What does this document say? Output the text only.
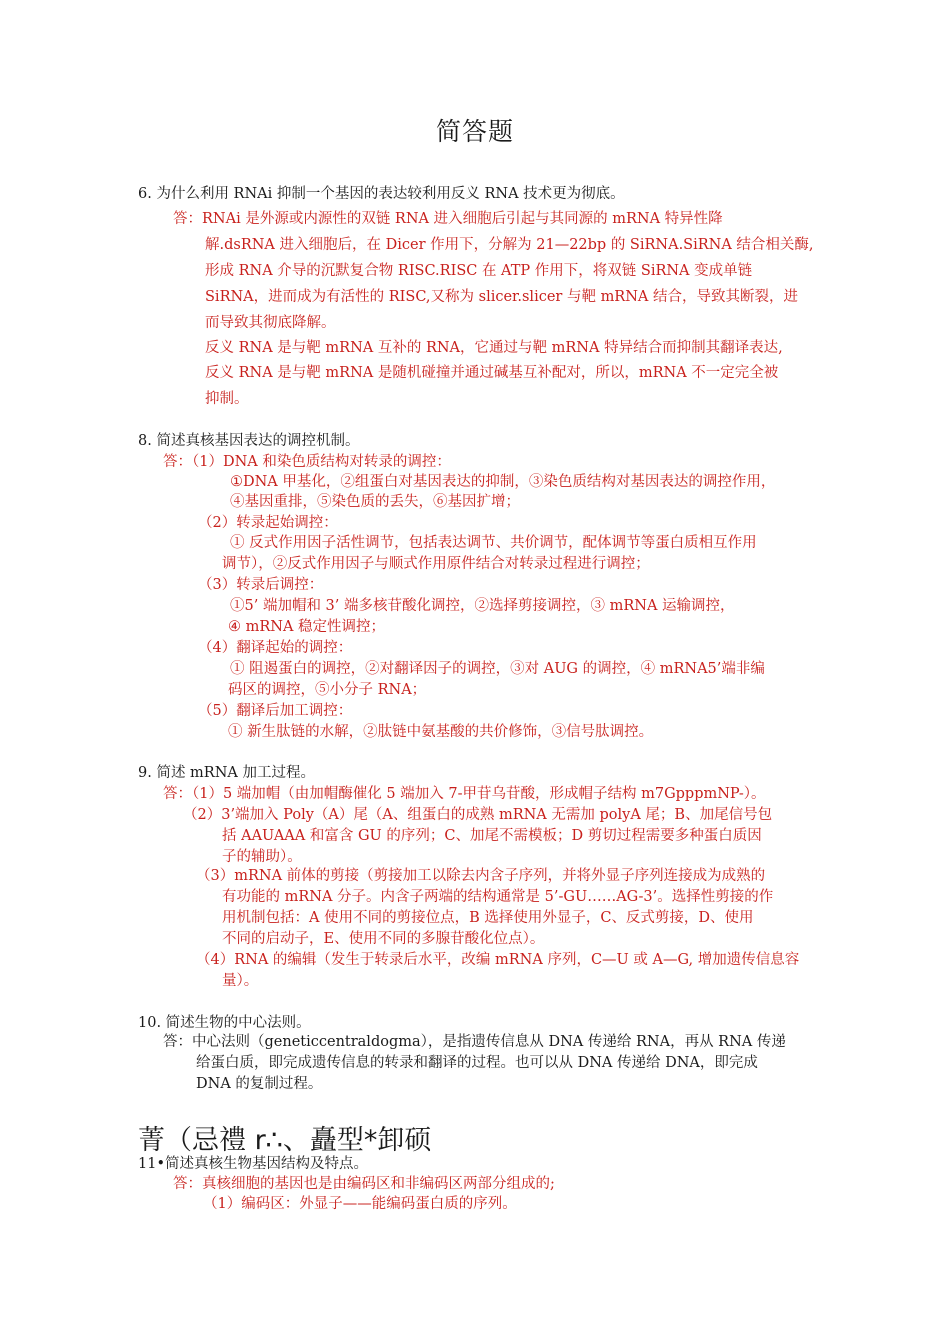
简答题
6. 为什么利用 RNAi 抑制一个基因的表达较利用反义 RNA 技术更为彻底。
答：RNAi 是外源或内源性的双链 RNA 进入细胞后引起与其同源的 mRNA 特异性降
解.dsRNA 进入细胞后，在 Dicer 作用下，分解为 21—22bp 的 SiRNA.SiRNA 结合相关酶,
形成 RNA 介导的沉默复合物 RISC.RISC 在 ATP 作用下，将双链 SiRNA 变成单链
SiRNA，进而成为有活性的 RISC,又称为 slicer.slicer 与靶 mRNA 结合，导致其断裂，进
而导致其彻底降解。
反义 RNA 是与靶 mRNA 互补的 RNA，它通过与靶 mRNA 特异结合而抑制其翻译表达,
反义 RNA 是与靶 mRNA 是随机碰撞并通过碱基互补配对，所以，mRNA 不一定完全被
抑制。
8. 简述真核基因表达的调控机制。
答：（1）DNA 和染色质结构对转录的调控：
①DNA 甲基化，②组蛋白对基因表达的抑制，③染色质结构对基因表达的调控作用，
④基因重排，⑤染色质的丢失，⑥基因扩增；
（2）转录起始调控：
① 反式作用因子活性调节，包括表达调节、共价调节，配体调节等蛋白质相互作用
调节），②反式作用因子与顺式作用原件结合对转录过程进行调控；
（3）转录后调控：
①5’ 端加帽和 3’ 端多核苷酸化调控，②选择剪接调控，③ mRNA 运输调控，
④ mRNA 稳定性调控；
（4）翻译起始的调控：
① 阻遏蛋白的调控，②对翻译因子的调控，③对 AUG 的调控，④ mRNA5’端非编
码区的调控，⑤小分子 RNA；
（5）翻译后加工调控：
① 新生肽链的水解，②肽链中氨基酸的共价修饰，③信号肽调控。
9. 简述 mRNA 加工过程。
答：（1）5 端加帽（由加帽酶催化 5 端加入 7-甲苷乌苷酸，形成帽子结构 m7GpppmNP-）。
（2）3’端加入 Poly（A）尾（A、组蛋白的成熟 mRNA 无需加 polyA 尾；B、加尾信号包
括 AAUAAA 和富含 GU 的序列；C、加尾不需模板；D 剪切过程需要多种蛋白质因
子的辅助）。
（3）mRNA 前体的剪接（剪接加工以除去内含子序列，并将外显子序列连接成为成熟的
有功能的 mRNA 分子。内含子两端的结构通常是 5’-GU……AG-3’。选择性剪接的作
用机制包括：A 使用不同的剪接位点，B 选择使用外显子，C、反式剪接，D、使用
不同的启动子，E、使用不同的多腺苷酸化位点）。
（4）RNA 的编辑（发生于转录后水平，改编 mRNA 序列，C—U 或 A—G, 增加遗传信息容
量）。
10. 简述生物的中心法则。
答：中心法则（geneticcentraldogma），是指遗传信息从 DNA 传递给 RNA，再从 RNA 传递
给蛋白质，即完成遗传信息的转录和翻译的过程。也可以从 DNA 传递给 DNA，即完成
DNA 的复制过程。
菁（忌禮 r∴、矗型*卸硕
11•简述真核生物基因结构及特点。
答：真核细胞的基因也是由编码区和非编码区两部分组成的;
（1）编码区：外显子——能编码蛋白质的序列。
